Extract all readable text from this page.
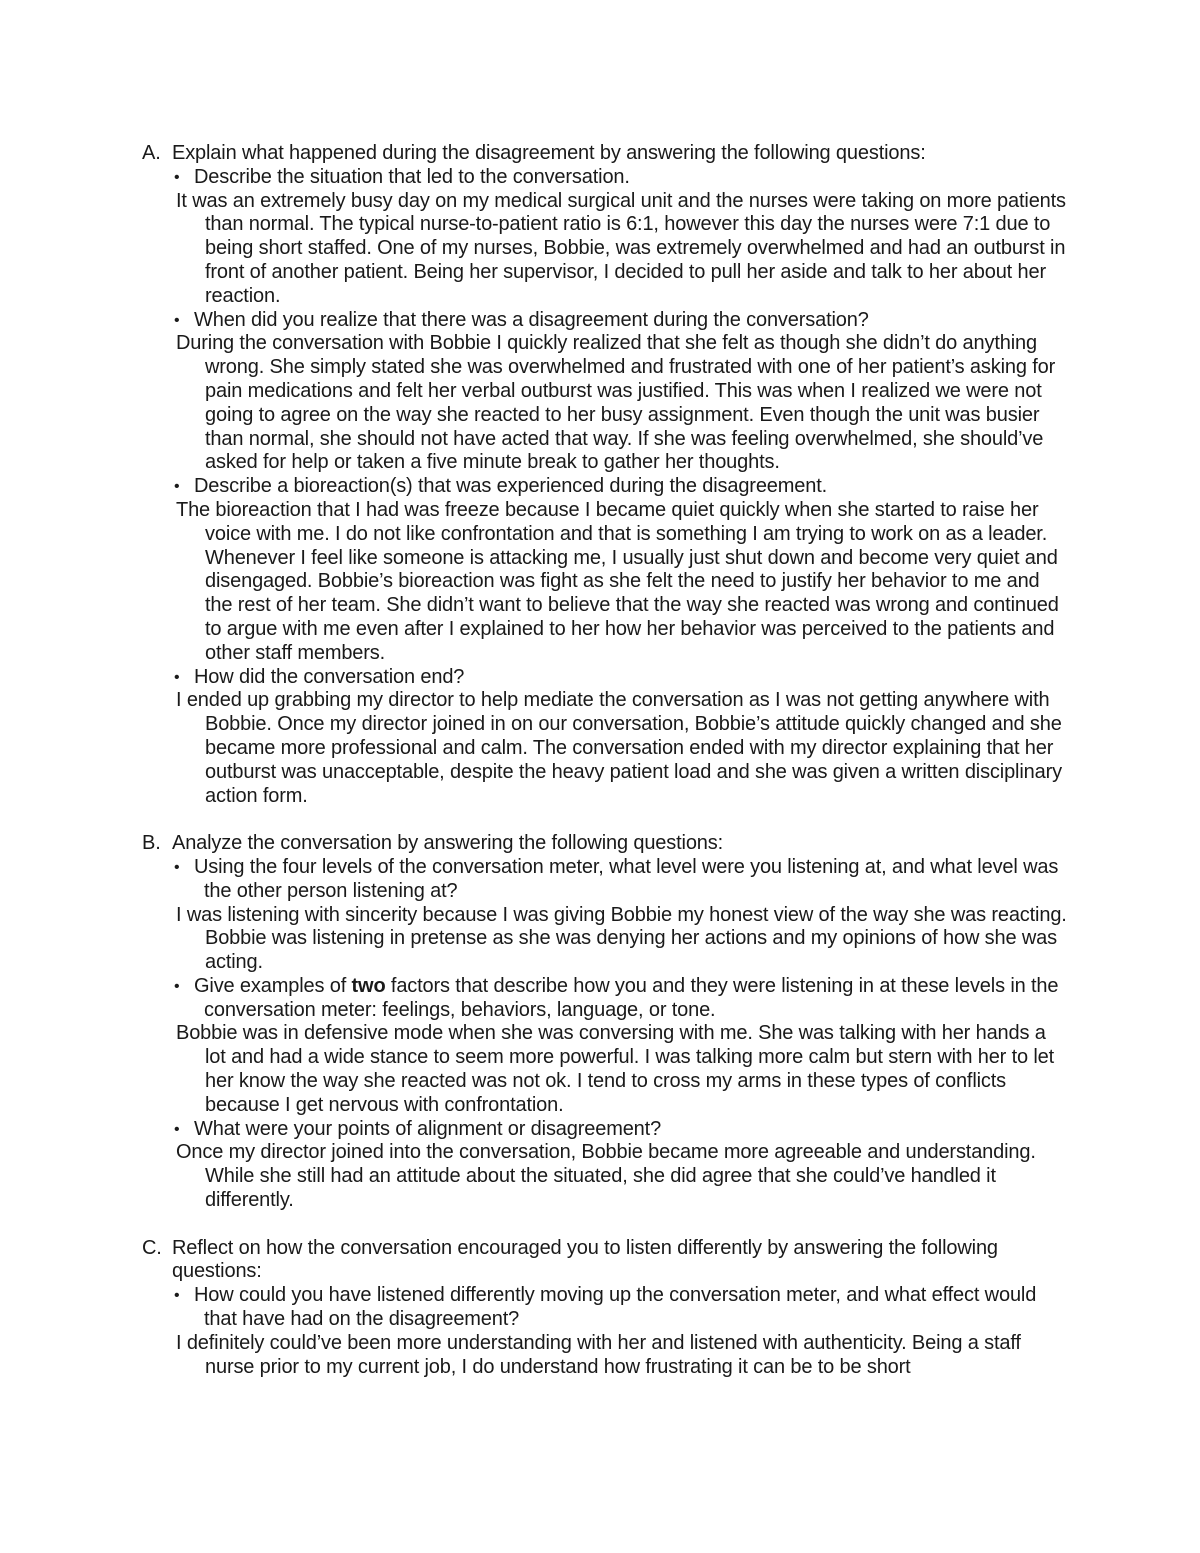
A. Explain what happened during the disagreement by answering the following questions:
• Describe the situation that led to the conversation.
It was an extremely busy day on my medical surgical unit and the nurses were taking on more patients than normal. The typical nurse-to-patient ratio is 6:1, however this day the nurses were 7:1 due to being short staffed. One of my nurses, Bobbie, was extremely overwhelmed and had an outburst in front of another patient. Being her supervisor, I decided to pull her aside and talk to her about her reaction.
• When did you realize that there was a disagreement during the conversation?
During the conversation with Bobbie I quickly realized that she felt as though she didn’t do anything wrong. She simply stated she was overwhelmed and frustrated with one of her patient’s asking for pain medications and felt her verbal outburst was justified. This was when I realized we were not going to agree on the way she reacted to her busy assignment. Even though the unit was busier than normal, she should not have acted that way. If she was feeling overwhelmed, she should’ve asked for help or taken a five minute break to gather her thoughts.
• Describe a bioreaction(s) that was experienced during the disagreement.
The bioreaction that I had was freeze because I became quiet quickly when she started to raise her voice with me. I do not like confrontation and that is something I am trying to work on as a leader. Whenever I feel like someone is attacking me, I usually just shut down and become very quiet and disengaged. Bobbie’s bioreaction was fight as she felt the need to justify her behavior to me and the rest of her team. She didn’t want to believe that the way she reacted was wrong and continued to argue with me even after I explained to her how her behavior was perceived to the patients and other staff members.
• How did the conversation end?
I ended up grabbing my director to help mediate the conversation as I was not getting anywhere with Bobbie. Once my director joined in on our conversation, Bobbie’s attitude quickly changed and she became more professional and calm. The conversation ended with my director explaining that her outburst was unacceptable, despite the heavy patient load and she was given a written disciplinary action form.
B. Analyze the conversation by answering the following questions:
• Using the four levels of the conversation meter, what level were you listening at, and what level was the other person listening at?
I was listening with sincerity because I was giving Bobbie my honest view of the way she was reacting. Bobbie was listening in pretense as she was denying her actions and my opinions of how she was acting.
• Give examples of two factors that describe how you and they were listening in at these levels in the conversation meter: feelings, behaviors, language, or tone.
Bobbie was in defensive mode when she was conversing with me. She was talking with her hands a lot and had a wide stance to seem more powerful. I was talking more calm but stern with her to let her know the way she reacted was not ok. I tend to cross my arms in these types of conflicts because I get nervous with confrontation.
• What were your points of alignment or disagreement?
Once my director joined into the conversation, Bobbie became more agreeable and understanding. While she still had an attitude about the situated, she did agree that she could’ve handled it differently.
C. Reflect on how the conversation encouraged you to listen differently by answering the following questions:
• How could you have listened differently moving up the conversation meter, and what effect would that have had on the disagreement?
I definitely could’ve been more understanding with her and listened with authenticity. Being a staff nurse prior to my current job, I do understand how frustrating it can be to be short
